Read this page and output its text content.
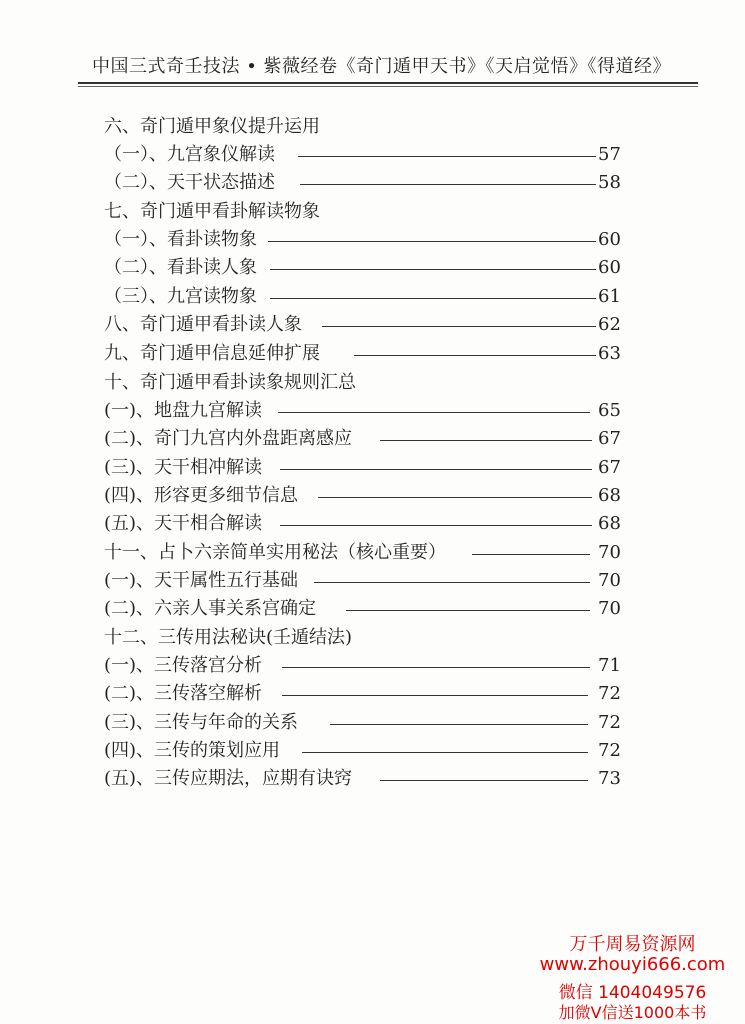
中国三式奇壬技法 • 紫薇经卷《奇门遁甲天书》《天启觉悟》《得道经》
六、奇门遁甲象仪提升运用
（一）、九宫象仪解读	57
（二）、天干状态描述	58
七、奇门遁甲看卦解读物象
（一）、看卦读物象	60
（二）、看卦读人象	60
（三）、九宫读物象	61
八、奇门遁甲看卦读人象	62
九、奇门遁甲信息延伸扩展	63
十、奇门遁甲看卦读象规则汇总
(一)、地盘九宫解读	65
(二)、奇门九宫内外盘距离感应	67
(三)、天干相冲解读	67
(四)、形容更多细节信息	68
(五)、天干相合解读	68
十一、占卜六亲简单实用秘法（核心重要）	70
(一)、天干属性五行基础	70
(二)、六亲人事关系宫确定	70
十二、三传用法秘诀(壬遁结法)
(一)、三传落宫分析	71
(二)、三传落空解析	72
(三)、三传与年命的关系	72
(四)、三传的策划应用	72
(五)、三传应期法，应期有诀窍	73
万千周易资源网
www.zhouyi666.com
微信 1404049576
加微V信送1000本书
